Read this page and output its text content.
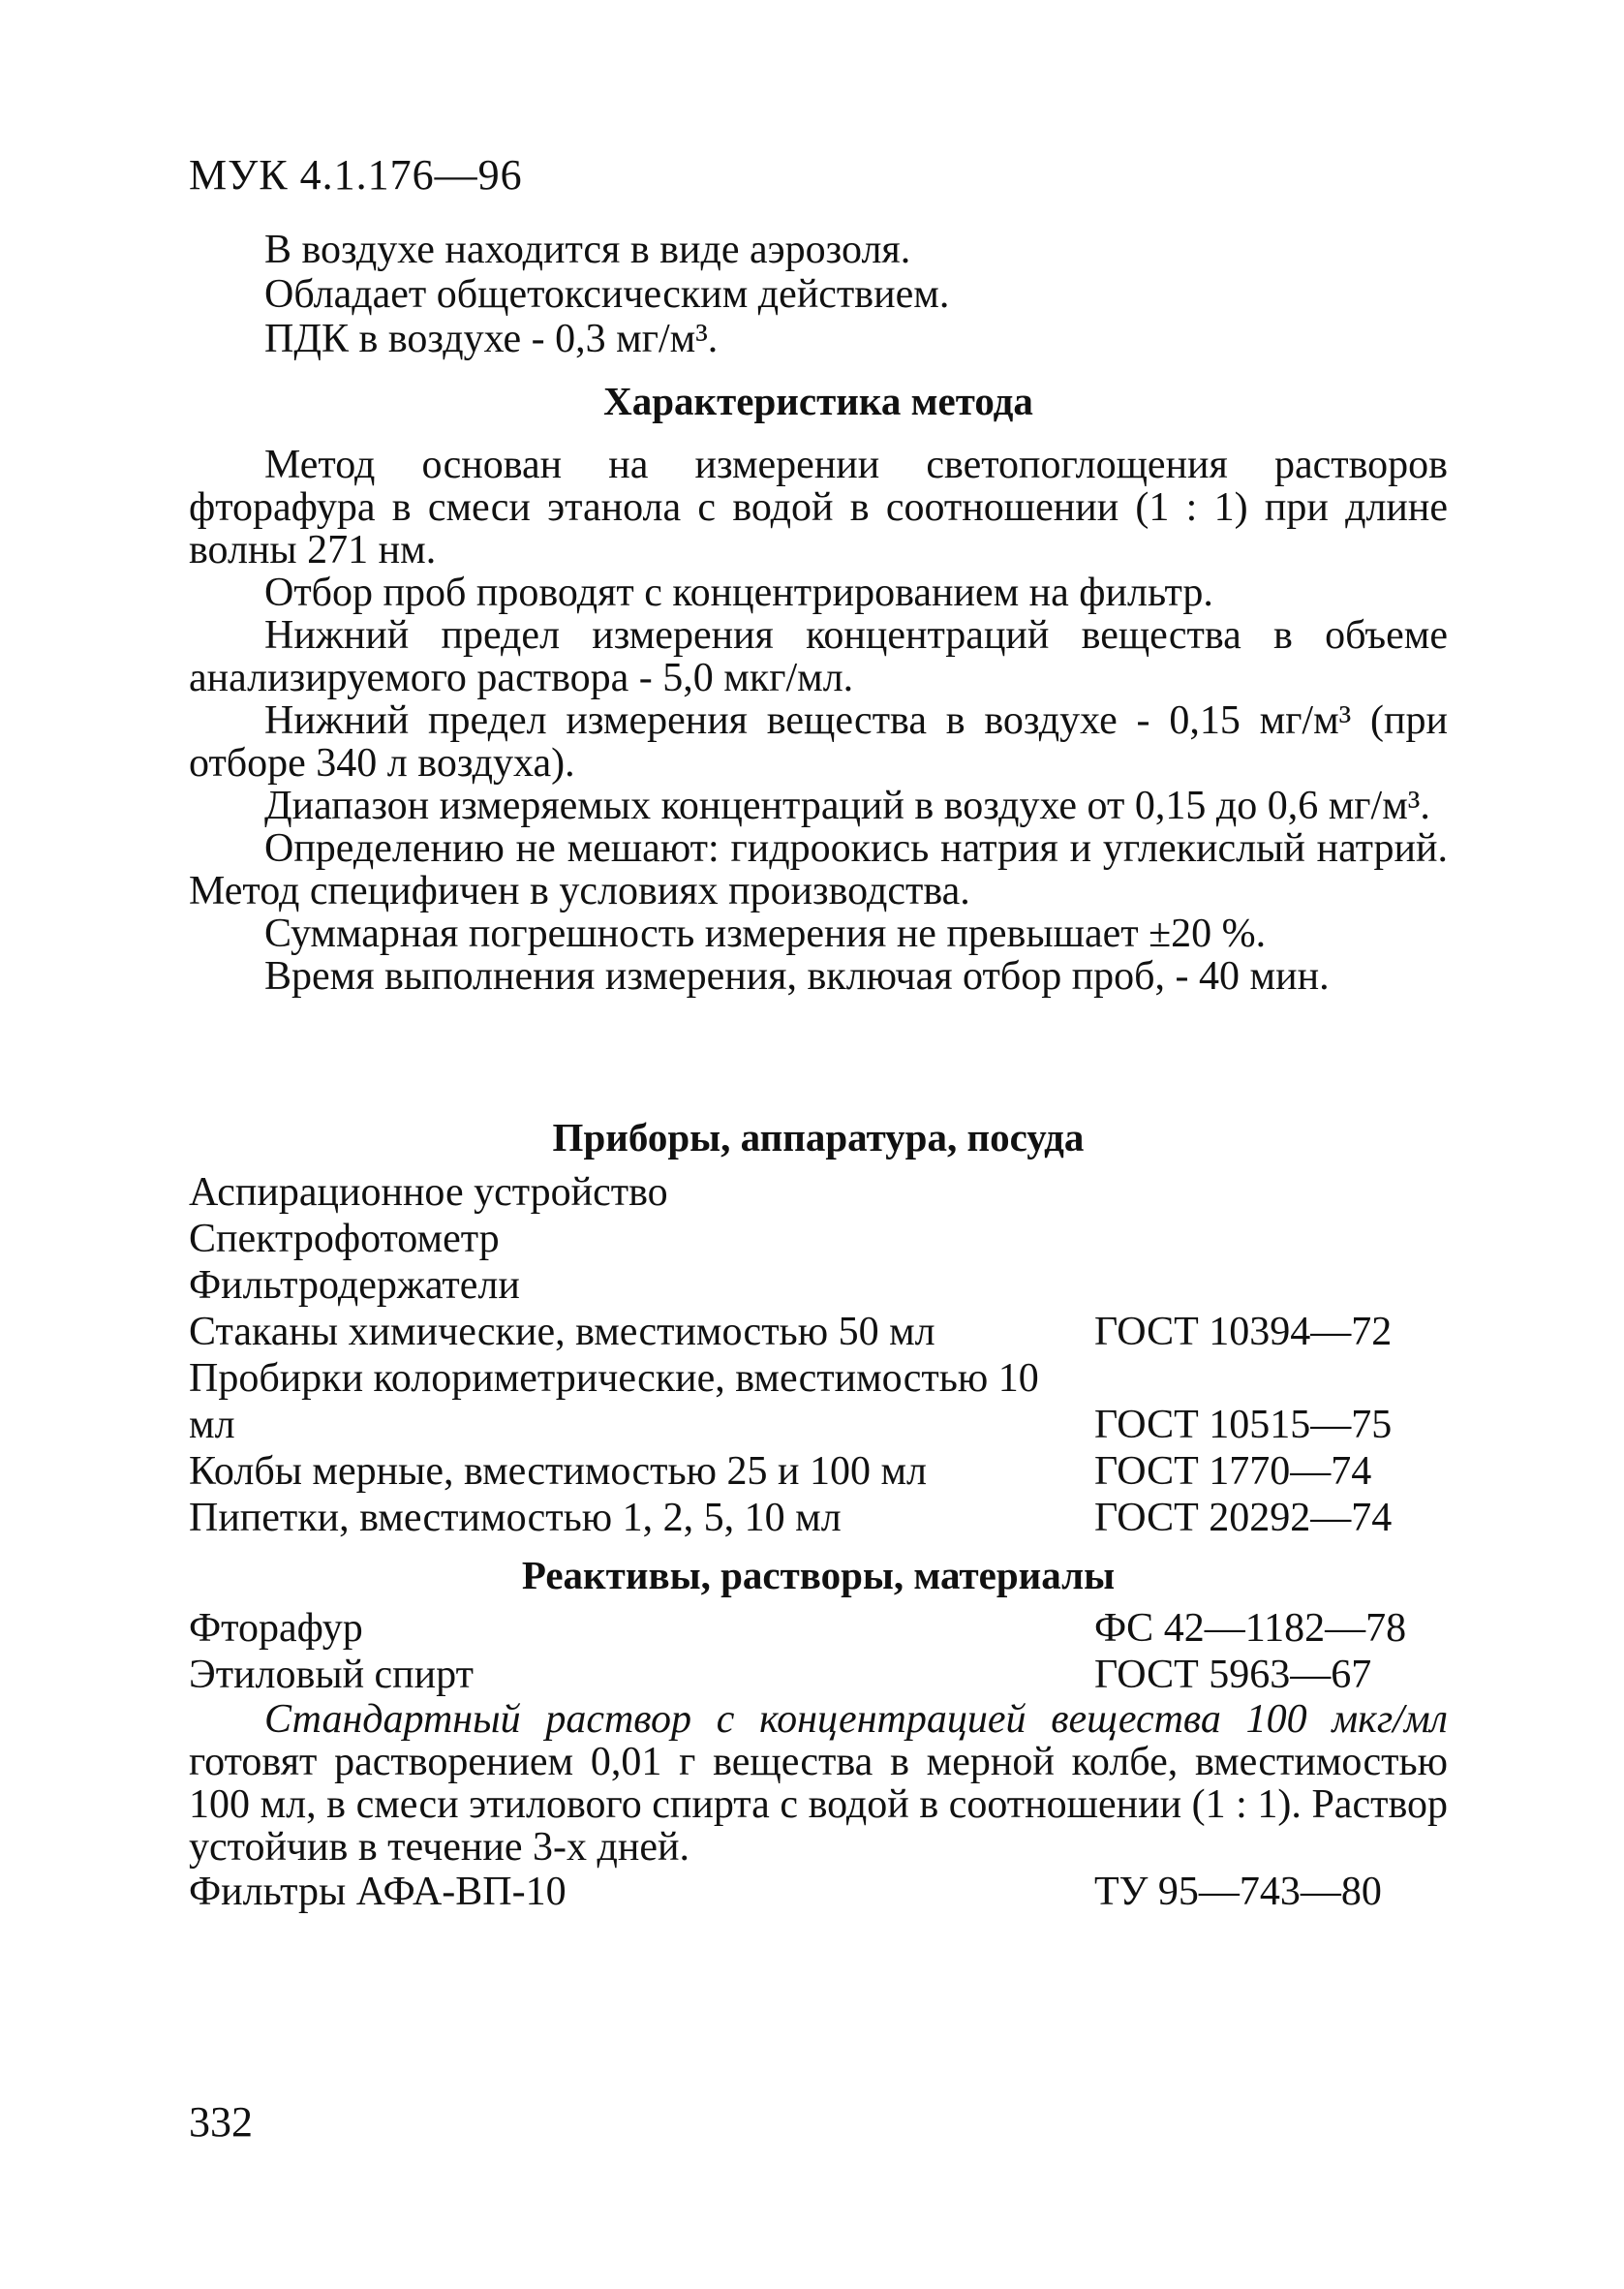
МУК 4.1.176—96
В воздухе находится в виде аэрозоля.
Обладает общетоксическим действием.
ПДК в воздухе - 0,3 мг/м³.
Характеристика метода

Метод основан на измерении светопоглощения растворов фторафура в смеси этанола с водой в соотношении (1 : 1) при длине волны 271 нм.

Отбор проб проводят с концентрированием на фильтр.

Нижний предел измерения концентраций вещества в объеме анализируемого раствора - 5,0 мкг/мл.

Нижний предел измерения вещества в воздухе - 0,15 мг/м³ (при отборе 340 л воздуха).

Диапазон измеряемых концентраций в воздухе от 0,15 до 0,6 мг/м³.

Определению не мешают: гидроокись натрия и углекислый натрий. Метод специфичен в условиях производства.

Суммарная погрешность измерения не превышает ±20 %.

Время выполнения измерения, включая отбор проб, - 40 мин.

Приборы, аппаратура, посуда
Аспирационное устройство
Спектрофотометр
Фильтродержатели
Стаканы химические, вместимостью 50 мл	ГОСТ 10394—72
Пробирки колориметрические, вместимостью 10 мл	ГОСТ 10515—75
Колбы мерные, вместимостью 25 и 100 мл	ГОСТ 1770—74
Пипетки, вместимостью 1, 2, 5, 10 мл	ГОСТ 20292—74
Реактивы, растворы, материалы
Фторафур	ФС 42—1182—78
Этиловый спирт	ГОСТ 5963—67

Стандартный раствор с концентрацией вещества 100 мкг/мл готовят растворением 0,01 г вещества в мерной колбе, вместимостью 100 мл, в смеси этилового спирта с водой в соотношении (1 : 1). Раствор устойчив в течение 3-х дней.

Фильтры АФА-ВП-10	ТУ 95—743—80
332
